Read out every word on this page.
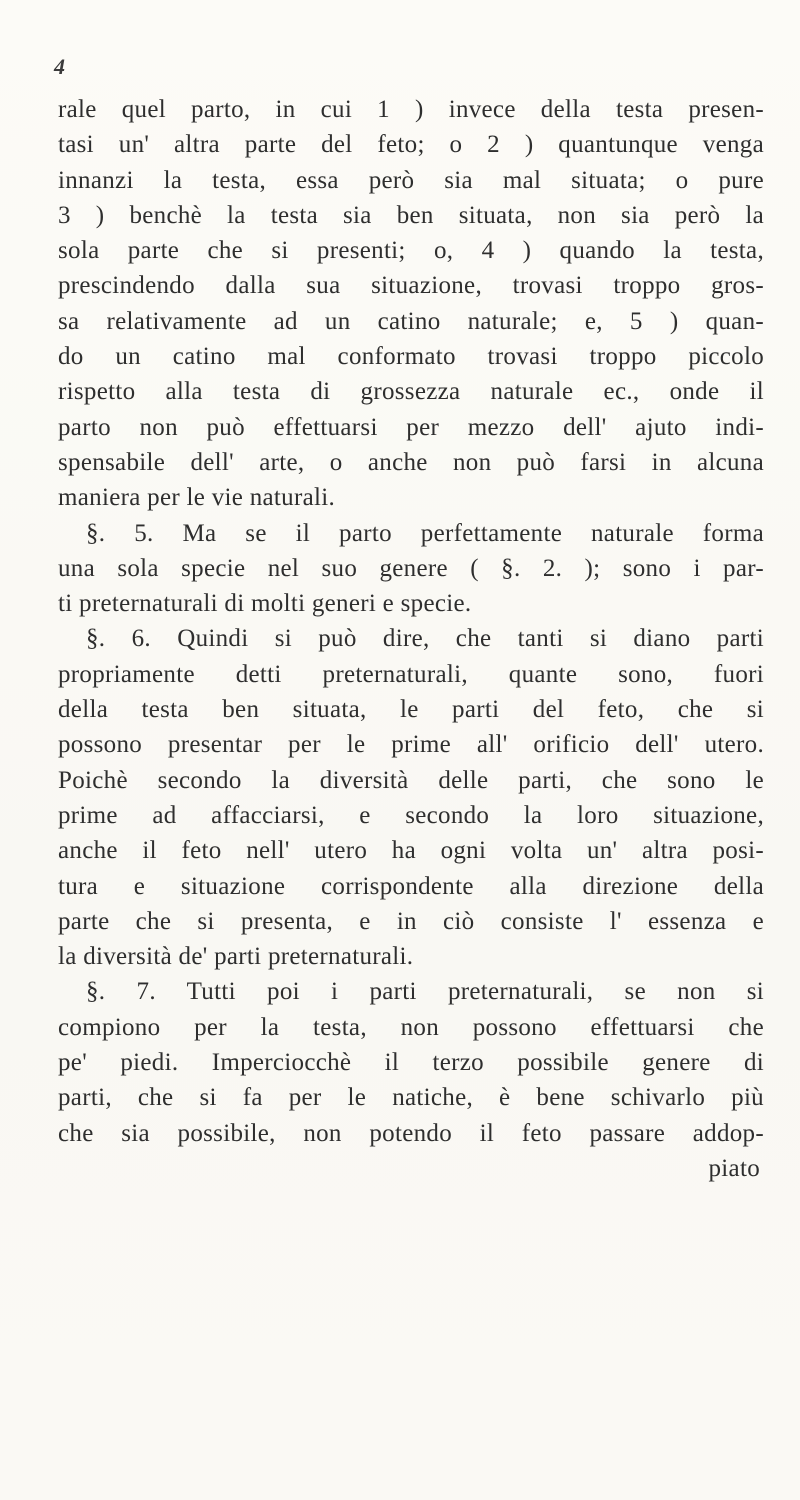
4
rale quel parto, in cui 1 ) invece della testa presen-
tasi un' altra parte del feto; o 2 ) quantunque venga
innanzi la testa, essa però sia mal situata; o pure
3 ) benchè la testa sia ben situata, non sia però la
sola parte che si presenti; o, 4 ) quando la testa,
prescindendo dalla sua situazione, trovasi troppo gros-
sa relativamente ad un catino naturale; e, 5 ) quan-
do un catino mal conformato trovasi troppo piccolo
rispetto alla testa di grossezza naturale ec., onde il
parto non può effettuarsi per mezzo dell' ajuto indi-
spensabile dell' arte, o anche non può farsi in alcuna
maniera per le vie naturali.
§. 5. Ma se il parto perfettamente naturale forma
una sola specie nel suo genere ( §. 2. ); sono i par-
ti preternaturali di molti generi e specie.
§. 6. Quindi si può dire, che tanti si diano parti
propriamente detti preternaturali, quante sono, fuori
della testa ben situata, le parti del feto, che si
possono presentar per le prime all' orificio dell' utero.
Poichè secondo la diversità delle parti, che sono le
prime ad affacciarsi, e secondo la loro situazione,
anche il feto nell' utero ha ogni volta un' altra posi-
tura e situazione corrispondente alla direzione della
parte che si presenta, e in ciò consiste l' essenza e
la diversità de' parti preternaturali.
§. 7. Tutti poi i parti preternaturali, se non si
compiono per la testa, non possono effettuarsi che
pe' piedi. Imperciocchè il terzo possibile genere di
parti, che si fa per le natiche, è bene schivarlo più
che sia possibile, non potendo il feto passare addop-
piato
